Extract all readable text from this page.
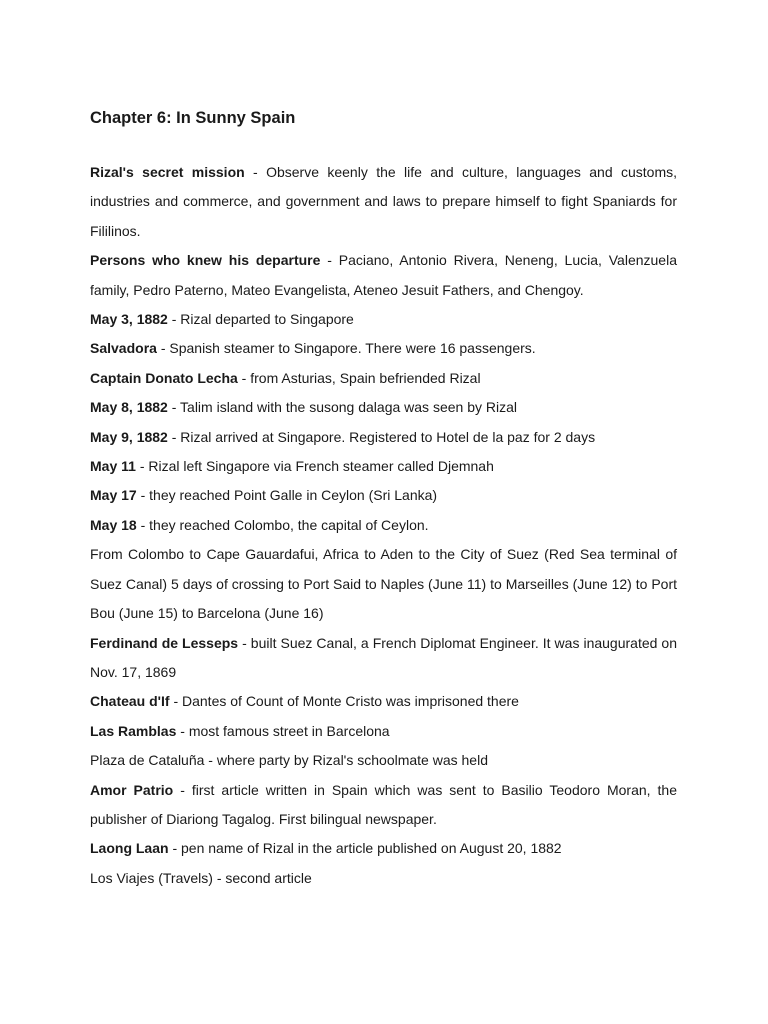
Chapter 6: In Sunny Spain

Rizal's secret mission - Observe keenly the life and culture, languages and customs, industries and commerce, and government and laws to prepare himself to fight Spaniards for Fililinos.

Persons who knew his departure - Paciano, Antonio Rivera, Neneng, Lucia, Valenzuela family, Pedro Paterno, Mateo Evangelista, Ateneo Jesuit Fathers, and Chengoy.

May 3, 1882 - Rizal departed to Singapore

Salvadora - Spanish steamer to Singapore. There were 16 passengers.

Captain Donato Lecha - from Asturias, Spain befriended Rizal

May 8, 1882 - Talim island with the susong dalaga was seen by Rizal

May 9, 1882 - Rizal arrived at Singapore. Registered to Hotel de la paz for 2 days

May 11 - Rizal left Singapore via French steamer called Djemnah

May 17 - they reached Point Galle in Ceylon (Sri Lanka)

May 18 - they reached Colombo, the capital of Ceylon.

From Colombo to Cape Gauardafui, Africa to Aden to the City of Suez (Red Sea terminal of Suez Canal) 5 days of crossing to Port Said to Naples (June 11) to Marseilles (June 12) to Port Bou (June 15) to Barcelona (June 16)

Ferdinand de Lesseps - built Suez Canal, a French Diplomat Engineer. It was inaugurated on Nov. 17, 1869

Chateau d'If - Dantes of Count of Monte Cristo was imprisoned there

Las Ramblas - most famous street in Barcelona

Plaza de Cataluña - where party by Rizal's schoolmate was held

Amor Patrio - first article written in Spain which was sent to Basilio Teodoro Moran, the publisher of Diariong Tagalog. First bilingual newspaper.

Laong Laan - pen name of Rizal in the article published on August 20, 1882

Los Viajes (Travels) - second article
